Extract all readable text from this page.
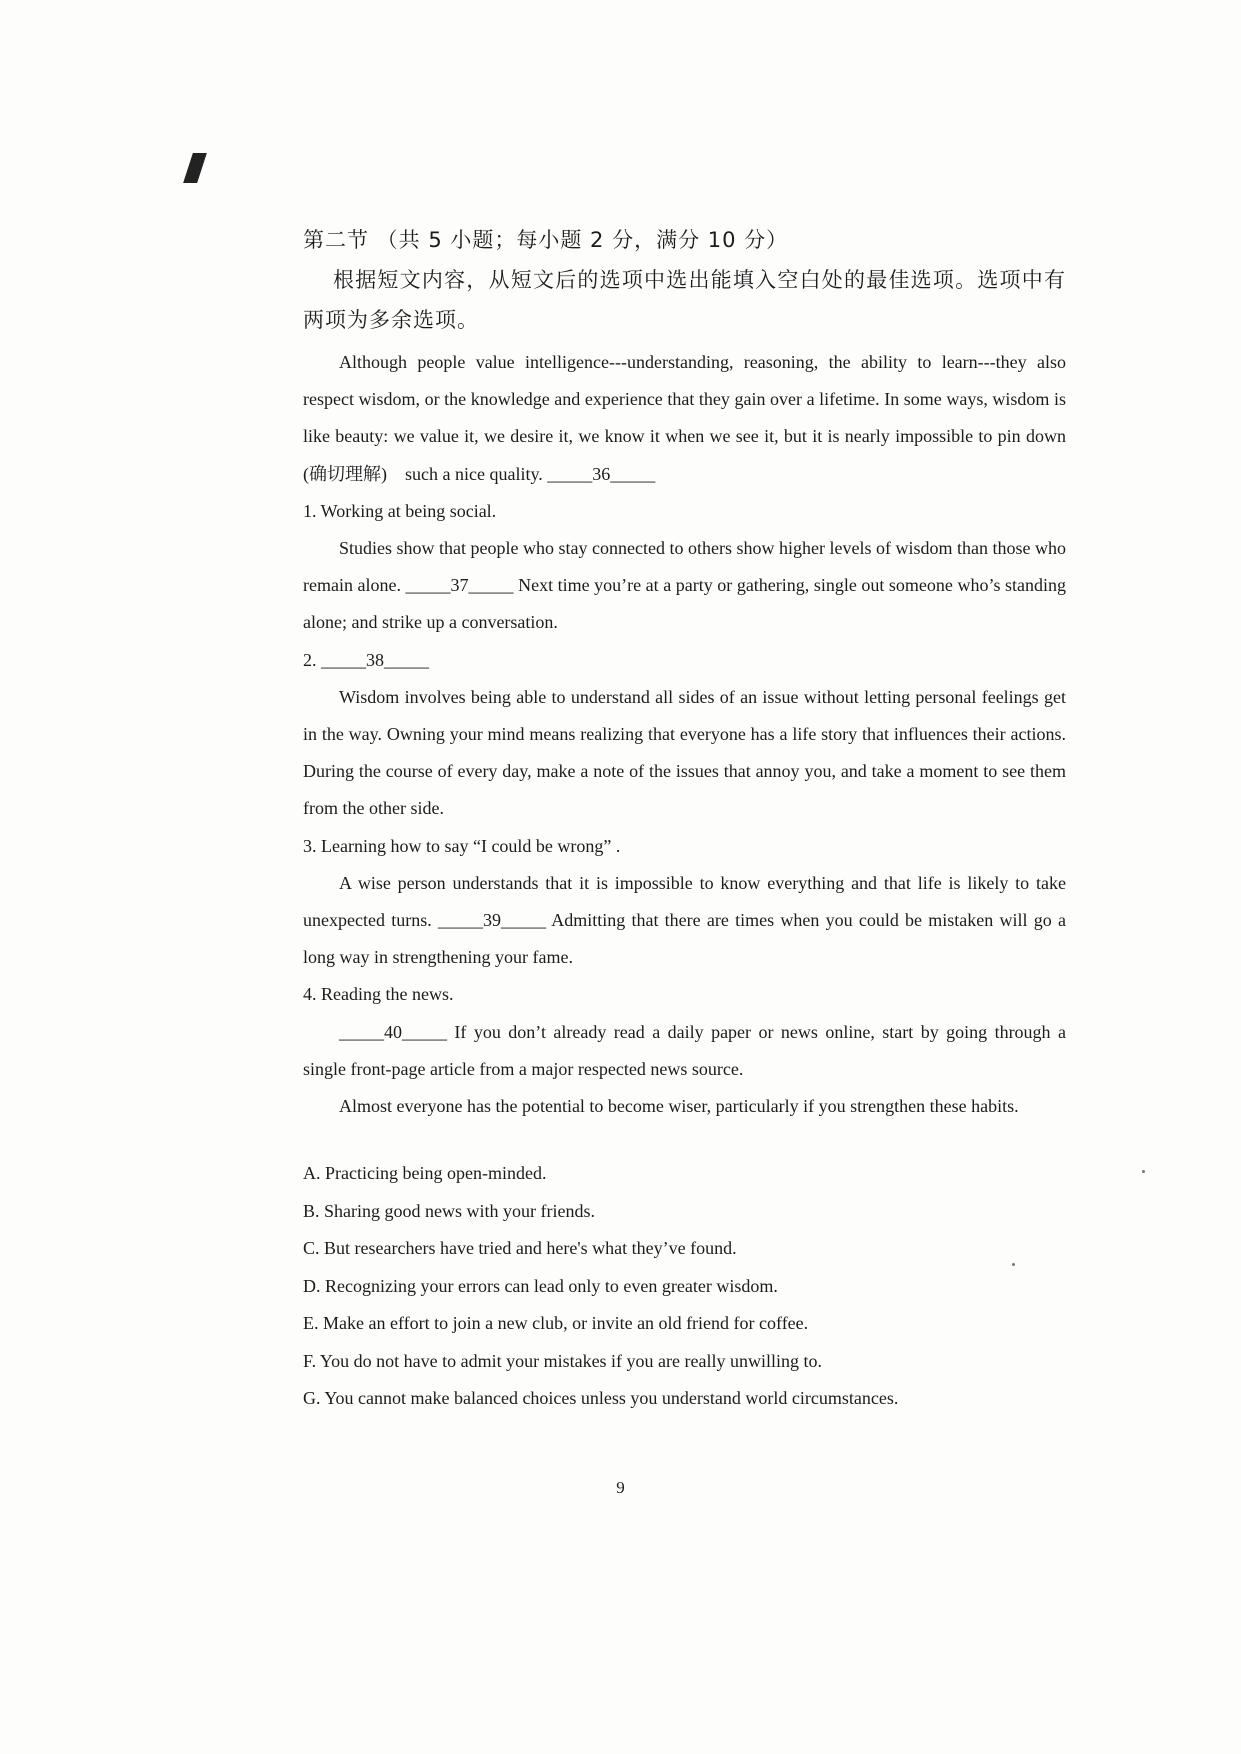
第二节 （共 5 小题；每小题 2 分，满分 10 分）

根据短文内容，从短文后的选项中选出能填入空白处的最佳选项。选项中有两项为多余选项。

Although people value intelligence---understanding, reasoning, the ability to learn---they also respect wisdom, or the knowledge and experience that they gain over a lifetime. In some ways, wisdom is like beauty: we value it, we desire it, we know it when we see it, but it is nearly impossible to pin down (确切理解)　such a nice quality. _____36_____

1. Working at being social.

Studies show that people who stay connected to others show higher levels of wisdom than those who remain alone. _____37_____ Next time you’re at a party or gathering, single out someone who’s standing alone; and strike up a conversation.

2. _____38_____

Wisdom involves being able to understand all sides of an issue without letting personal feelings get in the way. Owning your mind means realizing that everyone has a life story that influences their actions. During the course of every day, make a note of the issues that annoy you, and take a moment to see them from the other side.

3. Learning how to say “I could be wrong” .

A wise person understands that it is impossible to know everything and that life is likely to take unexpected turns. _____39_____ Admitting that there are times when you could be mistaken will go a long way in strengthening your fame.

4. Reading the news.

_____40_____ If you don’t already read a daily paper or news online, start by going through a single front-page article from a major respected news source.

Almost everyone has the potential to become wiser, particularly if you strengthen these habits.

A. Practicing being open-minded.

B. Sharing good news with your friends.

C. But researchers have tried and here's what they’ve found.

D. Recognizing your errors can lead only to even greater wisdom.

E. Make an effort to join a new club, or invite an old friend for coffee.

F. You do not have to admit your mistakes if you are really unwilling to.

G. You cannot make balanced choices unless you understand world circumstances.

9
